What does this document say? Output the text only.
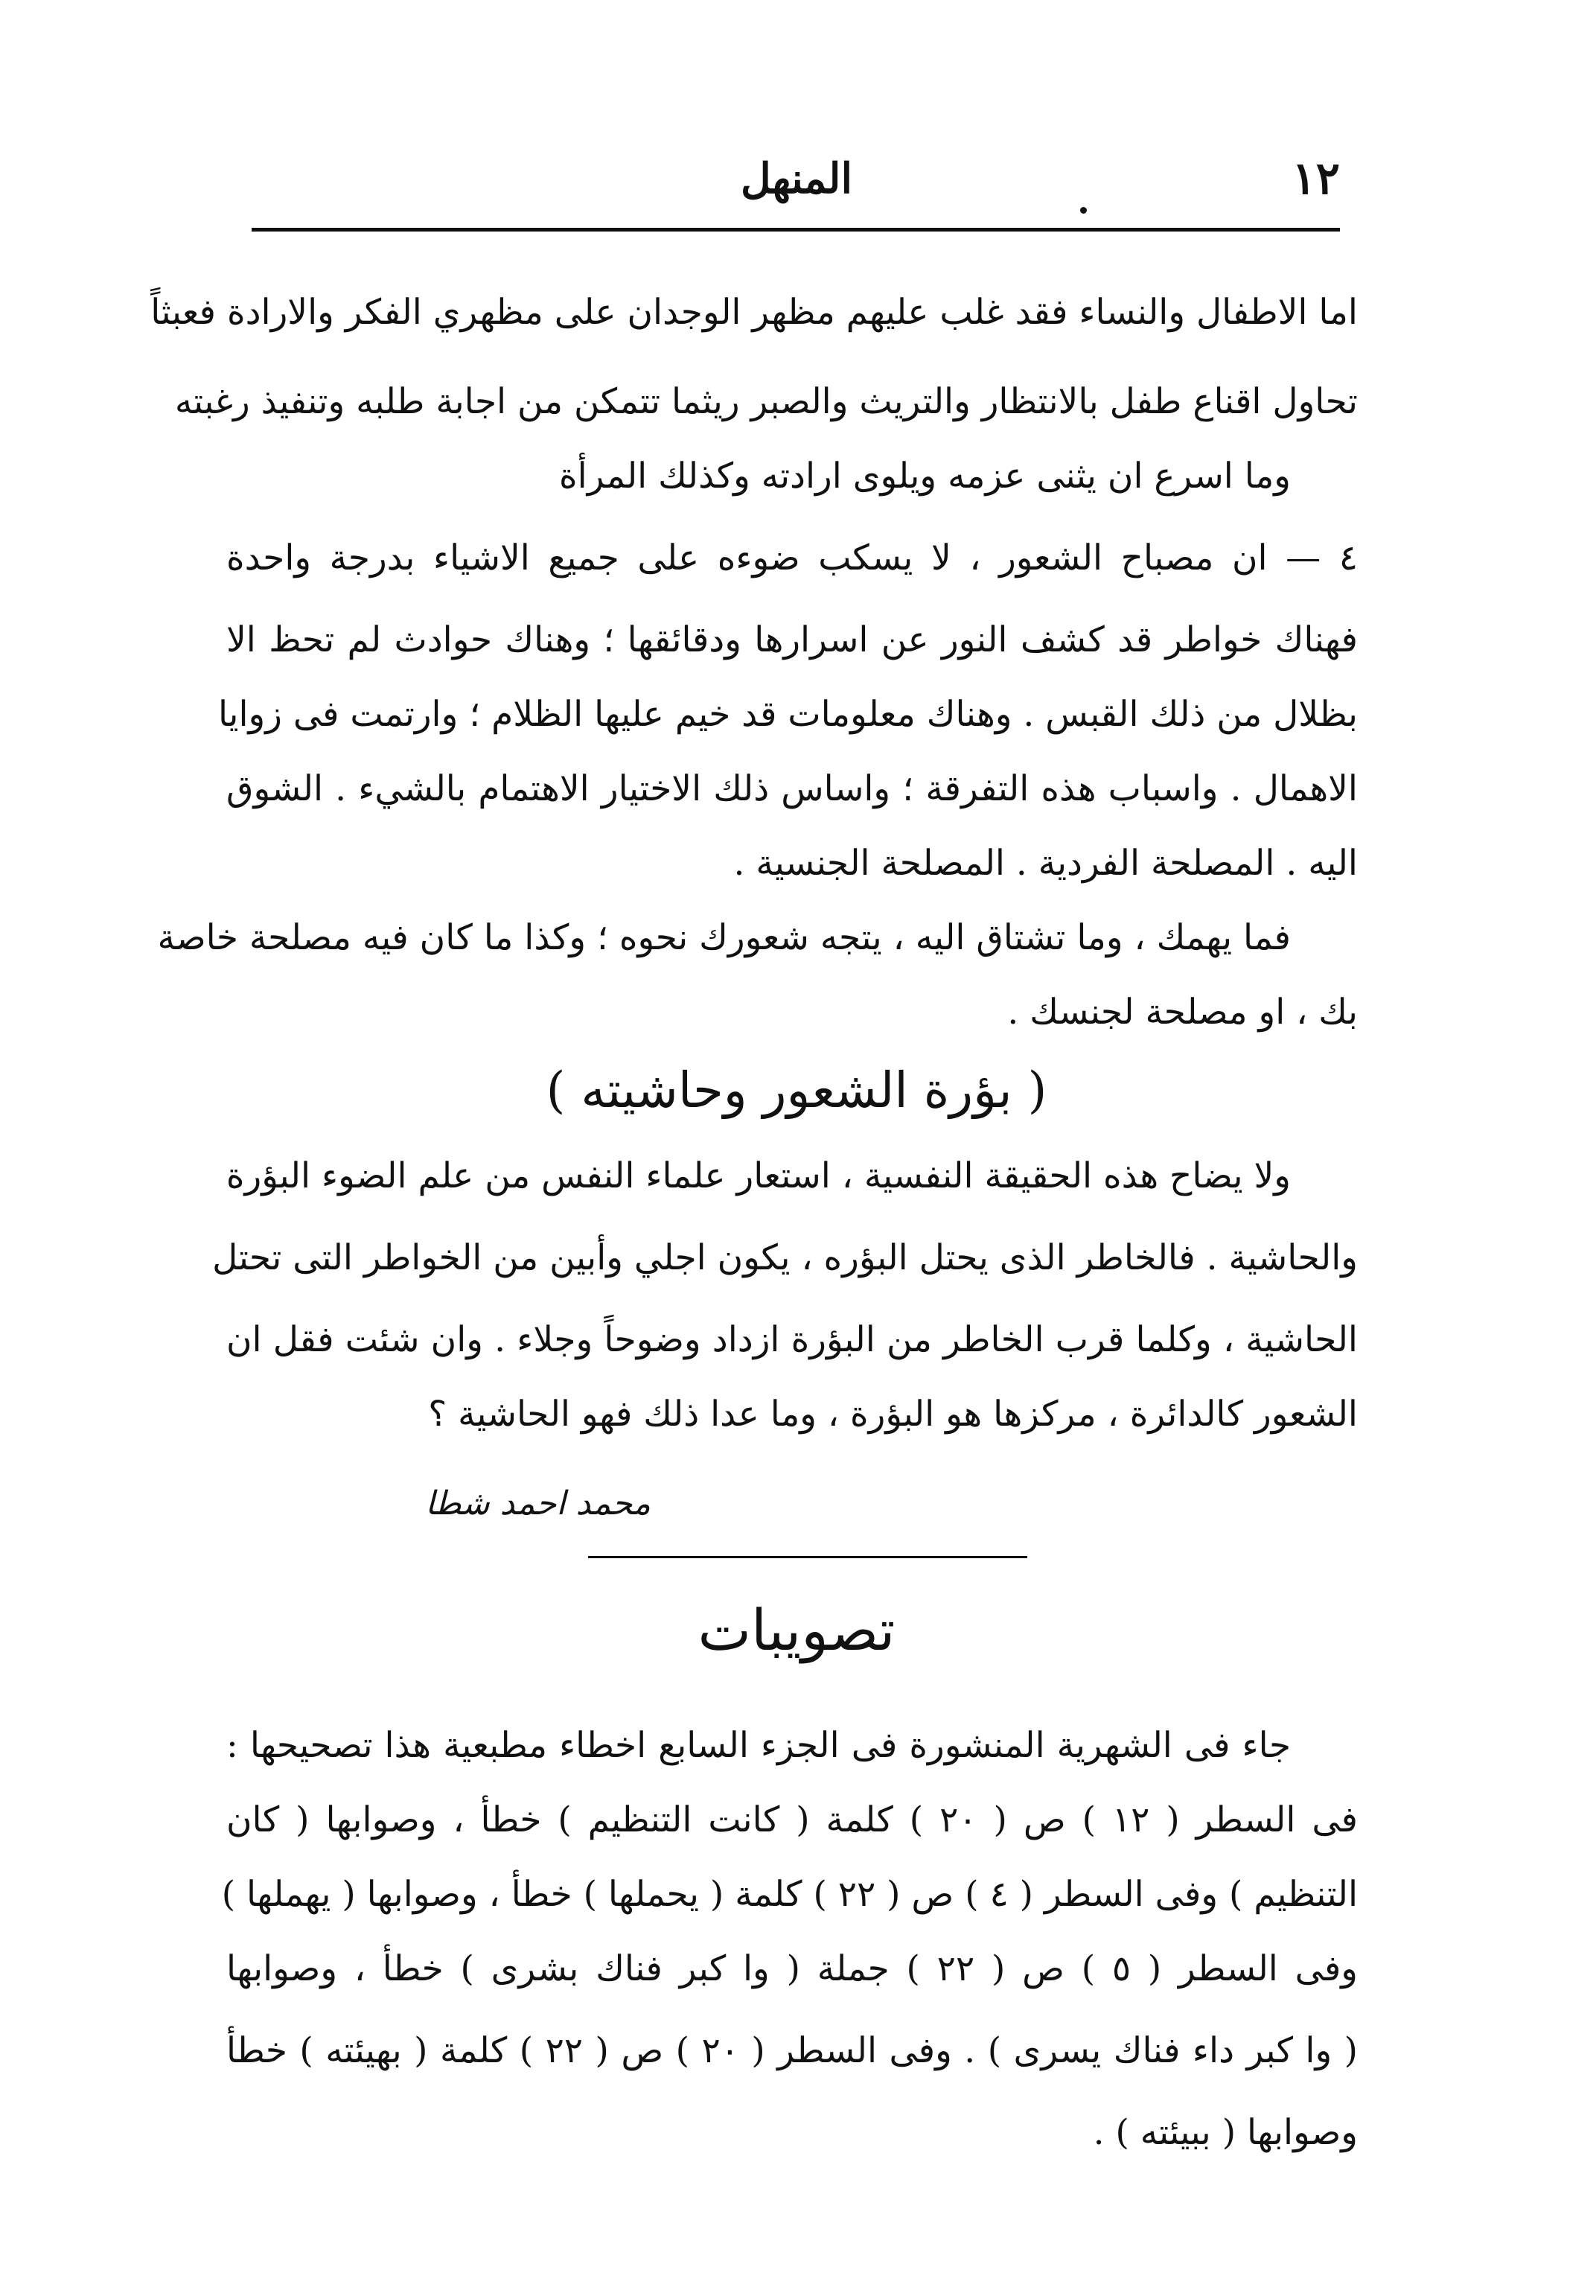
١٢
المنهل
اما الاطفال والنساء فقد غلب عليهم مظهر الوجدان على مظهري الفكر والارادة فعبثاً
تحاول اقناع طفل بالانتظار والتريث والصبر ريثما تتمكن من اجابة طلبه وتنفيذ رغبته
وما اسرع ان يثنى عزمه ويلوى ارادته وكذلك المرأة
٤ — ان مصباح الشعور ، لا يسكب ضوءه على جميع الاشياء بدرجة واحدة
فهناك خواطر قد كشف النور عن اسرارها ودقائقها ؛ وهناك حوادث لم تحظ الا
بظلال من ذلك القبس . وهناك معلومات قد خيم عليها الظلام ؛ وارتمت فى زوايا
الاهمال . واسباب هذه التفرقة ؛ واساس ذلك الاختيار الاهتمام بالشيء . الشوق
اليه . المصلحة الفردية . المصلحة الجنسية .
فما يهمك ، وما تشتاق اليه ، يتجه شعورك نحوه ؛ وكذا ما كان فيه مصلحة خاصة
بك ، او مصلحة لجنسك .
( بؤرة الشعور وحاشيته )
ولا يضاح هذه الحقيقة النفسية ، استعار علماء النفس من علم الضوء البؤرة
والحاشية . فالخاطر الذى يحتل البؤره ، يكون اجلي وأبين من الخواطر التى تحتل
الحاشية ، وكلما قرب الخاطر من البؤرة ازداد وضوحاً وجلاء . وان شئت فقل ان
الشعور كالدائرة ، مركزها هو البؤرة ، وما عدا ذلك فهو الحاشية ؟
محمد احمد شطا
تصويبات
جاء فى الشهرية المنشورة فى الجزء السابع اخطاء مطبعية هذا تصحيحها :
فى السطر ( ١٢ ) ص ( ٢٠ ) كلمة ( كانت التنظيم ) خطأ ، وصوابها ( كان
التنظيم ) وفى السطر ( ٤ ) ص ( ٢٢ ) كلمة ( يحملها ) خطأ ، وصوابها ( يهملها )
وفى السطر ( ٥ ) ص ( ٢٢ ) جملة ( وا كبر فناك بشرى ) خطأ ، وصوابها
( وا كبر داء فناك يسرى ) . وفى السطر ( ٢٠ ) ص ( ٢٢ ) كلمة ( بهيئته ) خطأ
وصوابها ( ببيئته ) .
